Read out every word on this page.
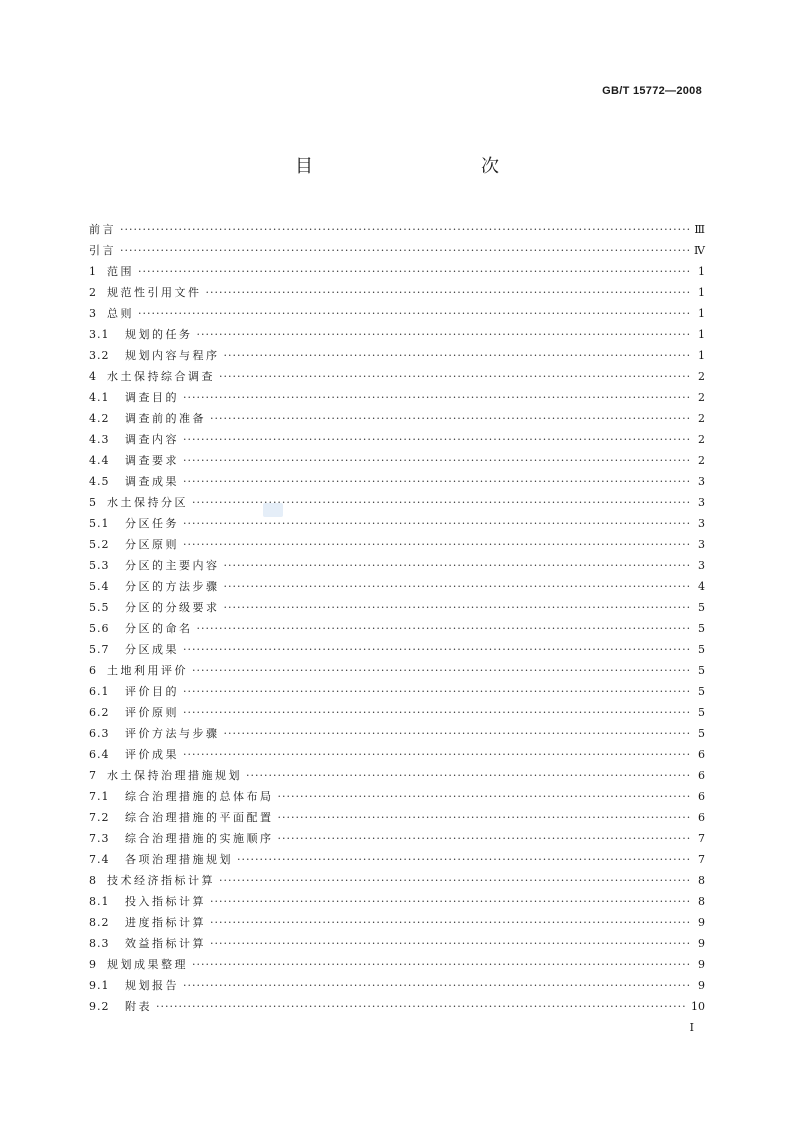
GB/T 15772—2008
目　　次
前言 ·····	Ⅲ
引言 ·····	Ⅳ
1 范围 ·····	1
2 规范性引用文件 ·····	1
3 总则 ·····	1
3.1	规划的任务 ·····	1
3.2	规划内容与程序 ·····	1
4 水土保持综合调查 ·····	2
4.1	调查目的 ·····	2
4.2	调查前的准备 ·····	2
4.3	调查内容 ·····	2
4.4	调查要求 ·····	2
4.5	调查成果 ·····	3
5 水土保持分区 ·····	3
5.1	分区任务 ·····	3
5.2	分区原则 ·····	3
5.3	分区的主要内容 ·····	3
5.4	分区的方法步骤 ·····	4
5.5	分区的分级要求 ·····	5
5.6	分区的命名 ·····	5
5.7	分区成果 ·····	5
6 土地利用评价 ·····	5
6.1	评价目的 ·····	5
6.2	评价原则 ·····	5
6.3	评价方法与步骤 ·····	5
6.4	评价成果 ·····	6
7 水土保持治理措施规划 ·····	6
7.1	综合治理措施的总体布局 ·····	6
7.2	综合治理措施的平面配置 ·····	6
7.3	综合治理措施的实施顺序 ·····	7
7.4	各项治理措施规划 ·····	7
8 技术经济指标计算 ·····	8
8.1	投入指标计算 ·····	8
8.2	进度指标计算 ·····	9
8.3	效益指标计算 ·····	9
9 规划成果整理 ·····	9
9.1	规划报告 ·····	9
9.2	附表 ·····	10
Ⅰ
